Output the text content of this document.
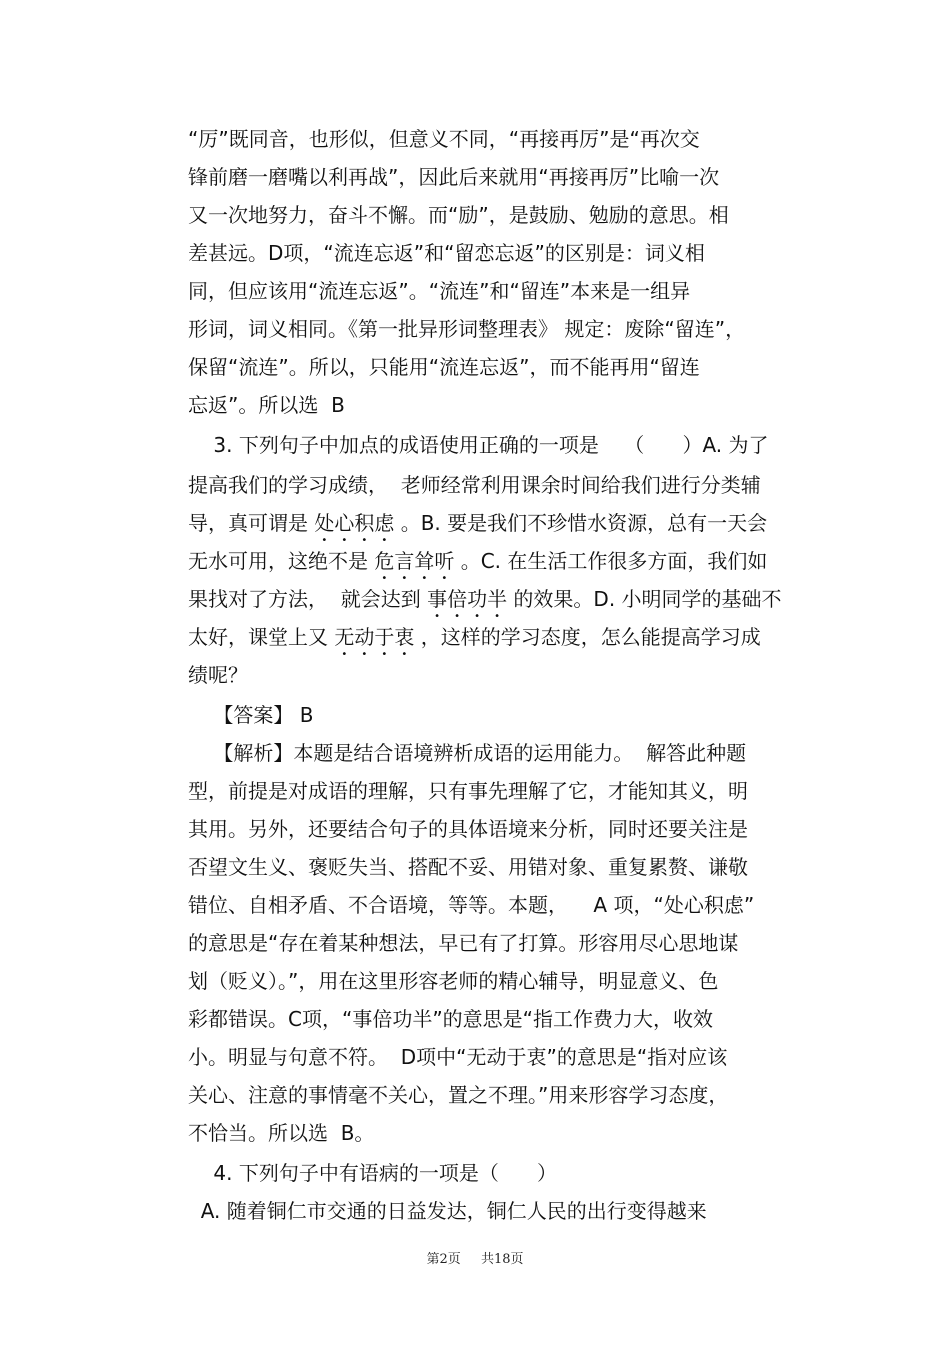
“厉”既同音，也形似，但意义不同，“再接再厉”是“再次交
锋前磨一磨嘴以利再战”，因此后来就用“再接再厉”比喻一次
又一次地努力，奋斗不懈。而“励”，是鼓励、勉励的意思。相
差甚远。D项，“流连忘返”和“留恋忘返”的区别是：词义相
同，但应该用“流连忘返”。“流连”和“留连”本来是一组异
形词，词义相同。《第一批异形词整理表》 规定：废除“留连”，
保留“流连”。所以，只能用“流连忘返”，而不能再用“留连
忘返”。所以选  B
3. 下列句子中加点的成语使用正确的一项是    （      ）A. 为了
提高我们的学习成绩，  老师经常利用课余时间给我们进行分类辅
导，真可谓是 处心积虑 。B. 要是我们不珍惜水资源，总有一天会
无水可用，这绝不是 危言耸听 。C. 在生活工作很多方面，我们如
果找对了方法，  就会达到 事倍功半 的效果。D. 小明同学的基础不
太好，课堂上又 无动于衷 ，这样的学习态度，怎么能提高学习成
绩呢？
【答案】 B
【解析】本题是结合语境辨析成语的运用能力。  解答此种题
型，前提是对成语的理解，只有事先理解了它，才能知其义，明
其用。另外，还要结合句子的具体语境来分析，同时还要关注是
否望文生义、褒贬失当、搭配不妥、用错对象、重复累赘、谦敬
错位、自相矛盾、不合语境，等等。本题，    A 项，“处心积虑”
的意思是“存在着某种想法，早已有了打算。形容用尽心思地谋
划（贬义）。”，用在这里形容老师的精心辅导，明显意义、色
彩都错误。C项，“事倍功半”的意思是“指工作费力大，收效
小。明显与句意不符。  D项中“无动于衷”的意思是“指对应该
关心、注意的事情毫不关心，置之不理。”用来形容学习态度，
不恰当。所以选  B。
4. 下列句子中有语病的一项是（      ）
A. 随着铜仁市交通的日益发达，铜仁人民的出行变得越来
第2页 共18页
